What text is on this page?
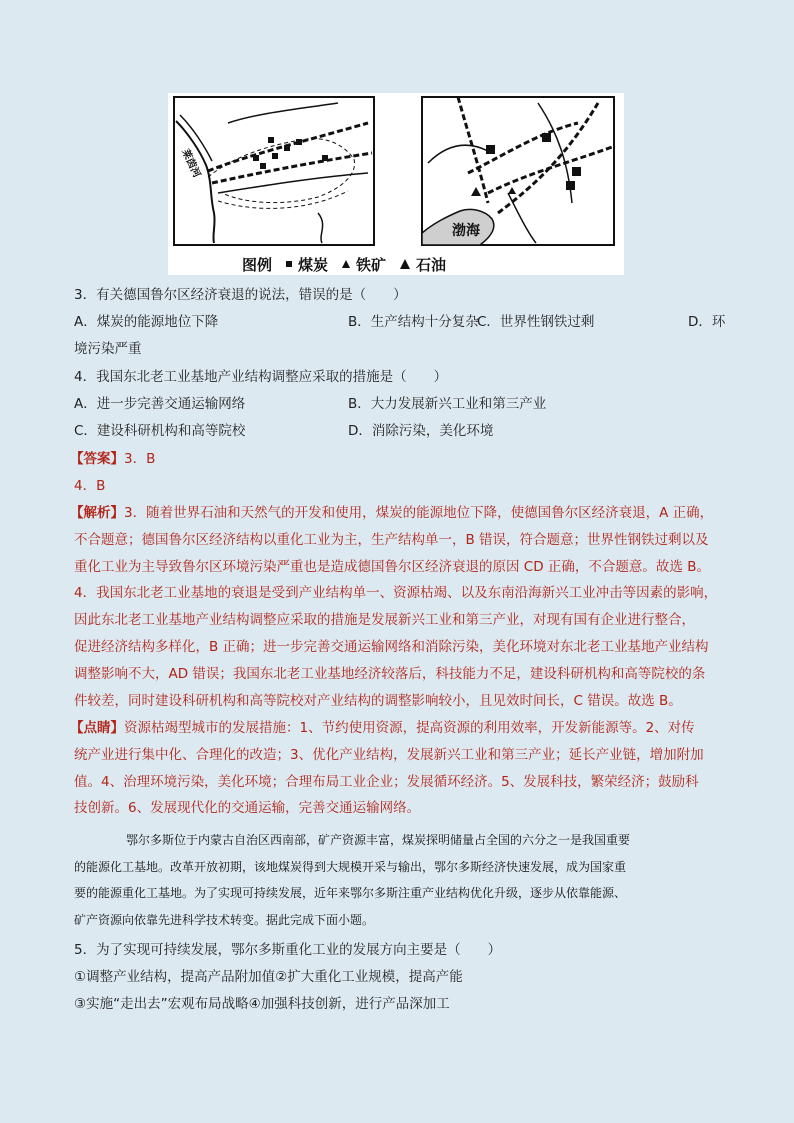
莱茵河
渤海
图例 煤炭 铁矿 石油
3．有关德国鲁尔区经济衰退的说法，错误的是（　　）
A．煤炭的能源地位下降	B．生产结构十分复杂
C．世界性钢铁过剩	D．环
境污染严重
4．我国东北老工业基地产业结构调整应采取的措施是（　　）
A．进一步完善交通运输网络	B．大力发展新兴工业和第三产业
C．建设科研机构和高等院校	D．消除污染，美化环境
【答案】3．B
4．B

【解析】3．随着世界石油和天然气的开发和使用，煤炭的能源地位下降，使德国鲁尔区经济衰退，A 正确，

不合题意；德国鲁尔区经济结构以重化工业为主，生产结构单一，B 错误，符合题意；世界性钢铁过剩以及

重化工业为主导致鲁尔区环境污染严重也是造成德国鲁尔区经济衰退的原因 CD 正确，不合题意。故选 B。

4．我国东北老工业基地的衰退是受到产业结构单一、资源枯竭、以及东南沿海新兴工业冲击等因素的影响，

因此东北老工业基地产业结构调整应采取的措施是发展新兴工业和第三产业，对现有国有企业进行整合，

促进经济结构多样化，B 正确；进一步完善交通运输网络和消除污染，美化环境对东北老工业基地产业结构

调整影响不大，AD 错误；我国东北老工业基地经济较落后，科技能力不足，建设科研机构和高等院校的条

件较差，同时建设科研机构和高等院校对产业结构的调整影响较小，且见效时间长，C 错误。故选 B。

【点睛】资源枯竭型城市的发展措施：1、节约使用资源，提高资源的利用效率，开发新能源等。2、对传

统产业进行集中化、合理化的改造；3、优化产业结构，发展新兴工业和第三产业；延长产业链，增加附加

值。4、治理环境污染，美化环境；合理布局工业企业；发展循环经济。5、发展科技，繁荣经济；鼓励科

技创新。6、发展现代化的交通运输，完善交通运输网络。

鄂尔多斯位于内蒙古自治区西南部，矿产资源丰富，煤炭探明储量占全国的六分之一是我国重要

的能源化工基地。改革开放初期，该地煤炭得到大规模开采与输出，鄂尔多斯经济快速发展，成为国家重

要的能源重化工基地。为了实现可持续发展，近年来鄂尔多斯注重产业结构优化升级，逐步从依靠能源、

矿产资源向依靠先进科学技术转变。据此完成下面小题。

5．为了实现可持续发展，鄂尔多斯重化工业的发展方向主要是（　　）
①调整产业结构，提高产品附加值②扩大重化工业规模，提高产能
③实施“走出去”宏观布局战略④加强科技创新，进行产品深加工
